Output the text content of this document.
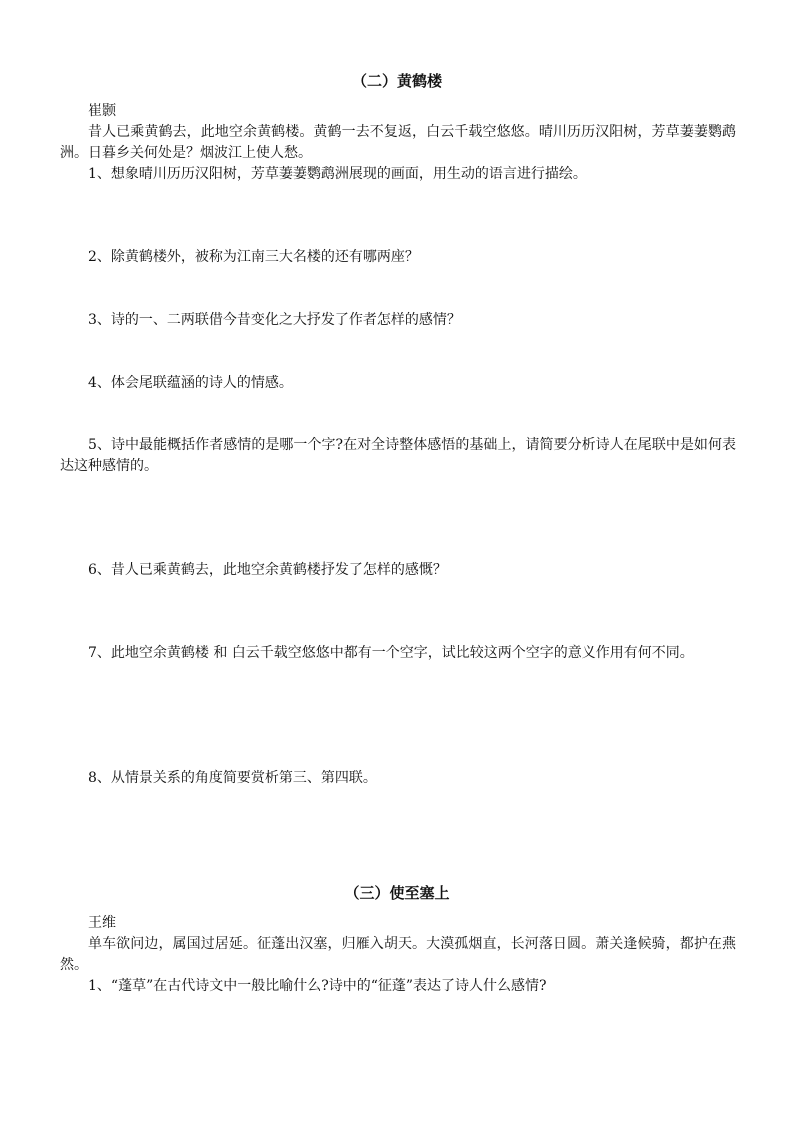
（二）黄鹤楼
崔颢
昔人已乘黄鹤去，此地空余黄鹤楼。黄鹤一去不复返，白云千载空悠悠。晴川历历汉阳树，芳草萋萋鹦鹉洲。日暮乡关何处是？烟波江上使人愁。
1、想象晴川历历汉阳树，芳草萋萋鹦鹉洲展现的画面，用生动的语言进行描绘。
2、除黄鹤楼外，被称为江南三大名楼的还有哪两座？
3、诗的一、二两联借今昔变化之大抒发了作者怎样的感情？
4、体会尾联蕴涵的诗人的情感。
5、诗中最能概括作者感情的是哪一个字?在对全诗整体感悟的基础上，请简要分析诗人在尾联中是如何表达这种感情的。
6、昔人已乘黄鹤去，此地空余黄鹤楼抒发了怎样的感慨？
7、此地空余黄鹤楼 和 白云千载空悠悠中都有一个空字，试比较这两个空字的意义作用有何不同。
8、从情景关系的角度简要赏析第三、第四联。
（三）使至塞上
王维
单车欲问边，属国过居延。征蓬出汉塞，归雁入胡天。大漠孤烟直，长河落日圆。萧关逢候骑，都护在燕然。
1、“蓬草”在古代诗文中一般比喻什么?诗中的“征蓬”表达了诗人什么感情?
